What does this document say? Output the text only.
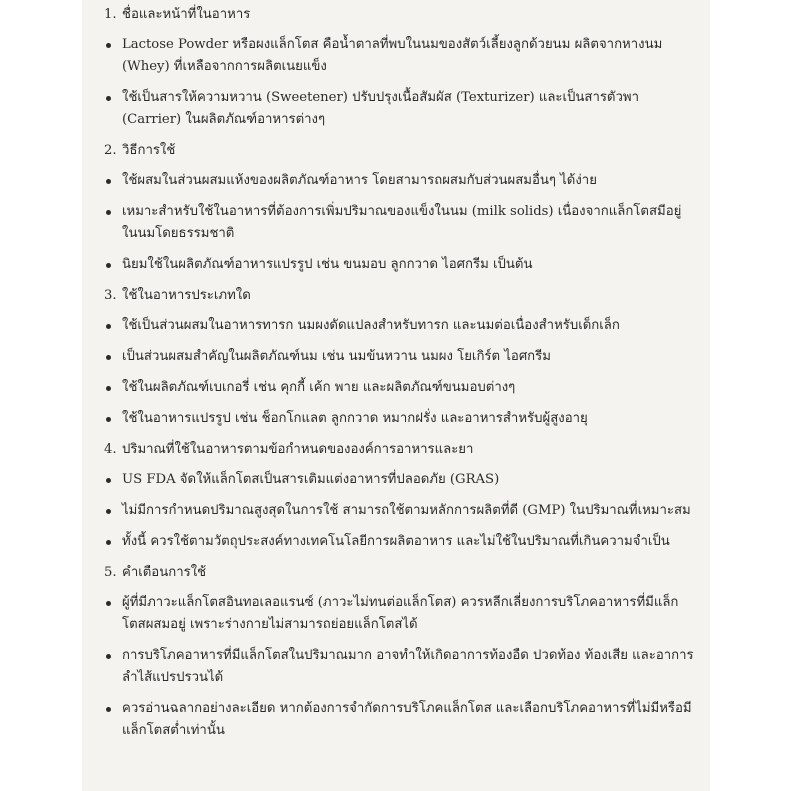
1. ชื่อและหน้าที่ในอาหาร
Lactose Powder หรือผงแล็กโตส คือน้ำตาลที่พบในนมของสัตว์เลี้ยงลูกด้วยนม ผลิตจากหางนม (Whey) ที่เหลือจากการผลิตเนยแข็ง
ใช้เป็นสารให้ความหวาน (Sweetener) ปรับปรุงเนื้อสัมผัส (Texturizer) และเป็นสารตัวพา (Carrier) ในผลิตภัณฑ์อาหารต่างๆ
2. วิธีการใช้
ใช้ผสมในส่วนผสมแห้งของผลิตภัณฑ์อาหาร โดยสามารถผสมกับส่วนผสมอื่นๆ ได้ง่าย
เหมาะสำหรับใช้ในอาหารที่ต้องการเพิ่มปริมาณของแข็งในนม (milk solids) เนื่องจากแล็กโตสมีอยู่ในนมโดยธรรมชาติ
นิยมใช้ในผลิตภัณฑ์อาหารแปรรูป เช่น ขนมอบ ลูกกวาด ไอศกรีม เป็นต้น
3. ใช้ในอาหารประเภทใด
ใช้เป็นส่วนผสมในอาหารทารก นมผงดัดแปลงสำหรับทารก และนมต่อเนื่องสำหรับเด็กเล็ก
เป็นส่วนผสมสำคัญในผลิตภัณฑ์นม เช่น นมข้นหวาน นมผง โยเกิร์ต ไอศกรีม
ใช้ในผลิตภัณฑ์เบเกอรี่ เช่น คุกกี้ เค้ก พาย และผลิตภัณฑ์ขนมอบต่างๆ
ใช้ในอาหารแปรรูป เช่น ช็อกโกแลต ลูกกวาด หมากฝรั่ง และอาหารสำหรับผู้สูงอายุ
4. ปริมาณที่ใช้ในอาหารตามข้อกำหนดขององค์การอาหารและยา
US FDA จัดให้แล็กโตสเป็นสารเติมแต่งอาหารที่ปลอดภัย (GRAS)
ไม่มีการกำหนดปริมาณสูงสุดในการใช้ สามารถใช้ตามหลักการผลิตที่ดี (GMP) ในปริมาณที่เหมาะสม
ทั้งนี้ ควรใช้ตามวัตถุประสงค์ทางเทคโนโลยีการผลิตอาหาร และไม่ใช้ในปริมาณที่เกินความจำเป็น
5. คำเตือนการใช้
ผู้ที่มีภาวะแล็กโตสอินทอเลอแรนซ์ (ภาวะไม่ทนต่อแล็กโตส) ควรหลีกเลี่ยงการบริโภคอาหารที่มีแล็กโตสผสมอยู่ เพราะร่างกายไม่สามารถย่อยแล็กโตสได้
การบริโภคอาหารที่มีแล็กโตสในปริมาณมาก อาจทำให้เกิดอาการท้องอืด ปวดท้อง ท้องเสีย และอาการลำไส้แปรปรวนได้
ควรอ่านฉลากอย่างละเอียด หากต้องการจำกัดการบริโภคแล็กโตส และเลือกบริโภคอาหารที่ไม่มีหรือมีแล็กโตสต่ำเท่านั้น
